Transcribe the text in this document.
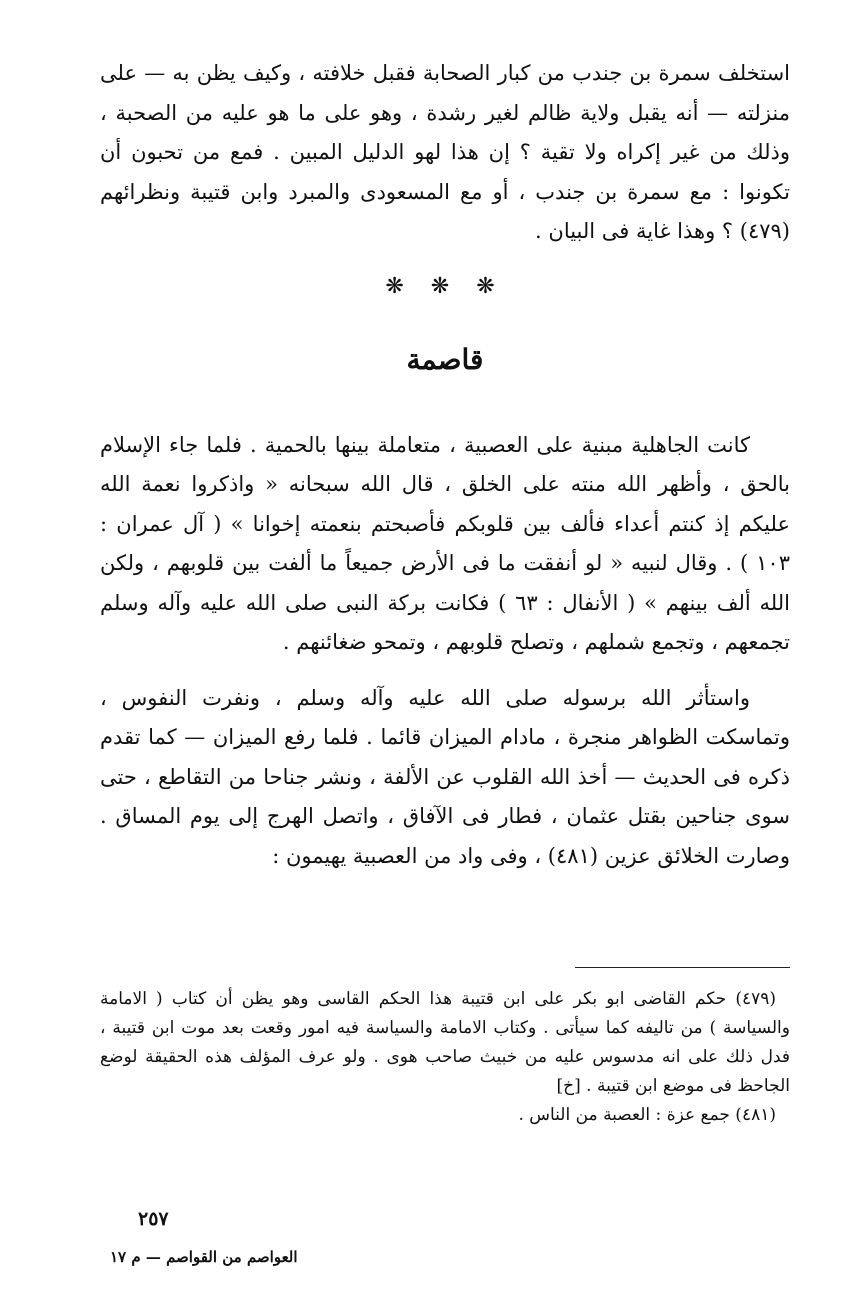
استخلف سمرة بن جندب من كبار الصحابة فقبل خلافته ، وكيف يظن به — على منزلته — أنه يقبل ولاية ظالم لغير رشدة ، وهو على ما هو عليه من الصحبة ، وذلك من غير إكراه ولا تقية ؟ إن هذا لهو الدليل المبين . فمع من تحبون أن تكونوا : مع سمرة بن جندب ، أو مع المسعودى والمبرد وابن قتيبة ونظرائهم (٤٧٩) ؟ وهذا غاية فى البيان .

❋ ❋ ❋
قاصمة

كانت الجاهلية مبنية على العصبية ، متعاملة بينها بالحمية . فلما جاء الإسلام بالحق ، وأظهر الله منته على الخلق ، قال الله سبحانه « واذكروا نعمة الله عليكم إذ كنتم أعداء فألف بين قلوبكم فأصبحتم بنعمته إخوانا » ( آل عمران : ١٠٣ ) . وقال لنبيه « لو أنفقت ما فى الأرض جميعاً ما ألفت بين قلوبهم ، ولكن الله ألف بينهم » ( الأنفال : ٦٣ ) فكانت بركة النبى صلى الله عليه وآله وسلم تجمعهم ، وتجمع شملهم ، وتصلح قلوبهم ، وتمحو ضغائنهم .

واستأثر الله برسوله صلى الله عليه وآله وسلم ، ونفرت النفوس ، وتماسكت الظواهر منجرة ، مادام الميزان قائما . فلما رفع الميزان — كما تقدم ذكره فى الحديث — أخذ الله القلوب عن الألفة ، ونشر جناحا من التقاطع ، حتى سوى جناحين بقتل عثمان ، فطار فى الآفاق ، واتصل الهرج إلى يوم المساق . وصارت الخلائق عزين (٤٨١) ، وفى واد من العصبية يهيمون :

(٤٧٩) حكم القاضى ابو بكر على ابن قتيبة هذا الحكم القاسى وهو يظن أن كتاب ( الامامة والسياسة ) من تاليفه كما سيأتى . وكتاب الامامة والسياسة فيه امور وقعت بعد موت ابن قتيبة ، فدل ذلك على انه مدسوس عليه من خبيث صاحب هوى . ولو عرف المؤلف هذه الحقيقة لوضع الجاحظ فى موضع ابن قتيبة . [خ]

(٤٨١) جمع عزة : العصبة من الناس .

٢٥٧
العواصم من القواصم — م ١٧
